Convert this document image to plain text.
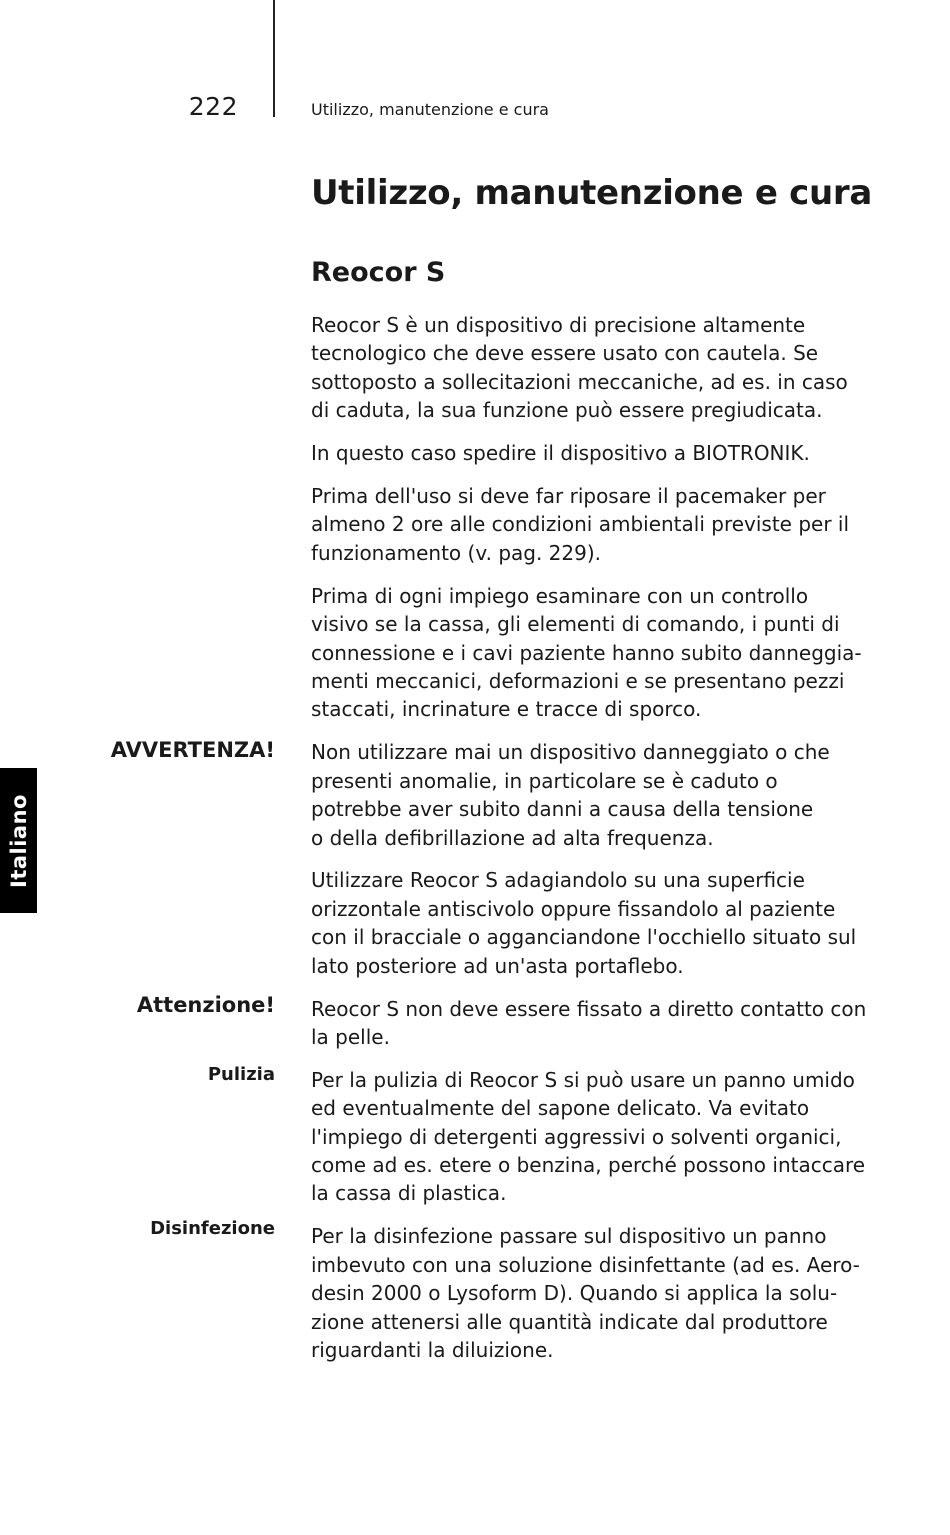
222	Utilizzo, manutenzione e cura
Utilizzo, manutenzione e cura
Reocor S
Italiano
AVVERTENZA!
Attenzione!
Pulizia
Disinfezione

Reocor S è un dispositivo di precisione altamente
tecnologico che deve essere usato con cautela. Se
sottoposto a sollecitazioni meccaniche, ad es. in caso
di caduta, la sua funzione può essere pregiudicata.

In questo caso spedire il dispositivo a BIOTRONIK.

Prima dell'uso si deve far riposare il pacemaker per
almeno 2 ore alle condizioni ambientali previste per il
funzionamento (v. pag. 229).

Prima di ogni impiego esaminare con un controllo
visivo se la cassa, gli elementi di comando, i punti di
connessione e i cavi paziente hanno subito danneggia-
menti meccanici, deformazioni e se presentano pezzi
staccati, incrinature e tracce di sporco.

Non utilizzare mai un dispositivo danneggiato o che
presenti anomalie, in particolare se è caduto o
potrebbe aver subito danni a causa della tensione
o della defibrillazione ad alta frequenza.

Utilizzare Reocor S adagiandolo su una superficie
orizzontale antiscivolo oppure fissandolo al paziente
con il bracciale o agganciandone l'occhiello situato sul
lato posteriore ad un'asta portaflebo.

Reocor S non deve essere fissato a diretto contatto con
la pelle.

Per la pulizia di Reocor S si può usare un panno umido
ed eventualmente del sapone delicato. Va evitato
l'impiego di detergenti aggressivi o solventi organici,
come ad es. etere o benzina, perché possono intaccare
la cassa di plastica.

Per la disinfezione passare sul dispositivo un panno
imbevuto con una soluzione disinfettante (ad es. Aero-
desin 2000 o Lysoform D). Quando si applica la solu-
zione attenersi alle quantità indicate dal produttore
riguardanti la diluizione.
